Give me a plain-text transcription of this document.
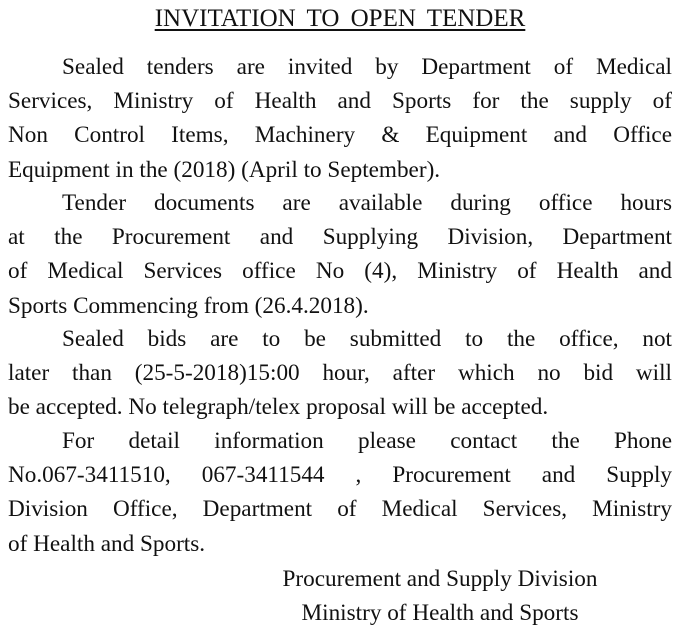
INVITATION TO OPEN TENDER
Sealed tenders are invited by Department of Medical
Services, Ministry of Health and Sports for the supply of
Non Control Items, Machinery & Equipment and Office
Equipment in the (2018) (April to September).
Tender documents are available during office hours
at the Procurement and Supplying Division, Department
of Medical Services office No (4), Ministry of Health and
Sports Commencing from (26.4.2018).
Sealed bids are to be submitted to the office, not
later than (25-5-2018)15:00 hour, after which no bid will
be accepted. No telegraph/telex proposal will be accepted.
For detail information please contact the Phone
No.067-3411510, 067-3411544 , Procurement and Supply
Division Office, Department of Medical Services, Ministry
of Health and Sports.
Procurement and Supply Division
Ministry of Health and Sports
